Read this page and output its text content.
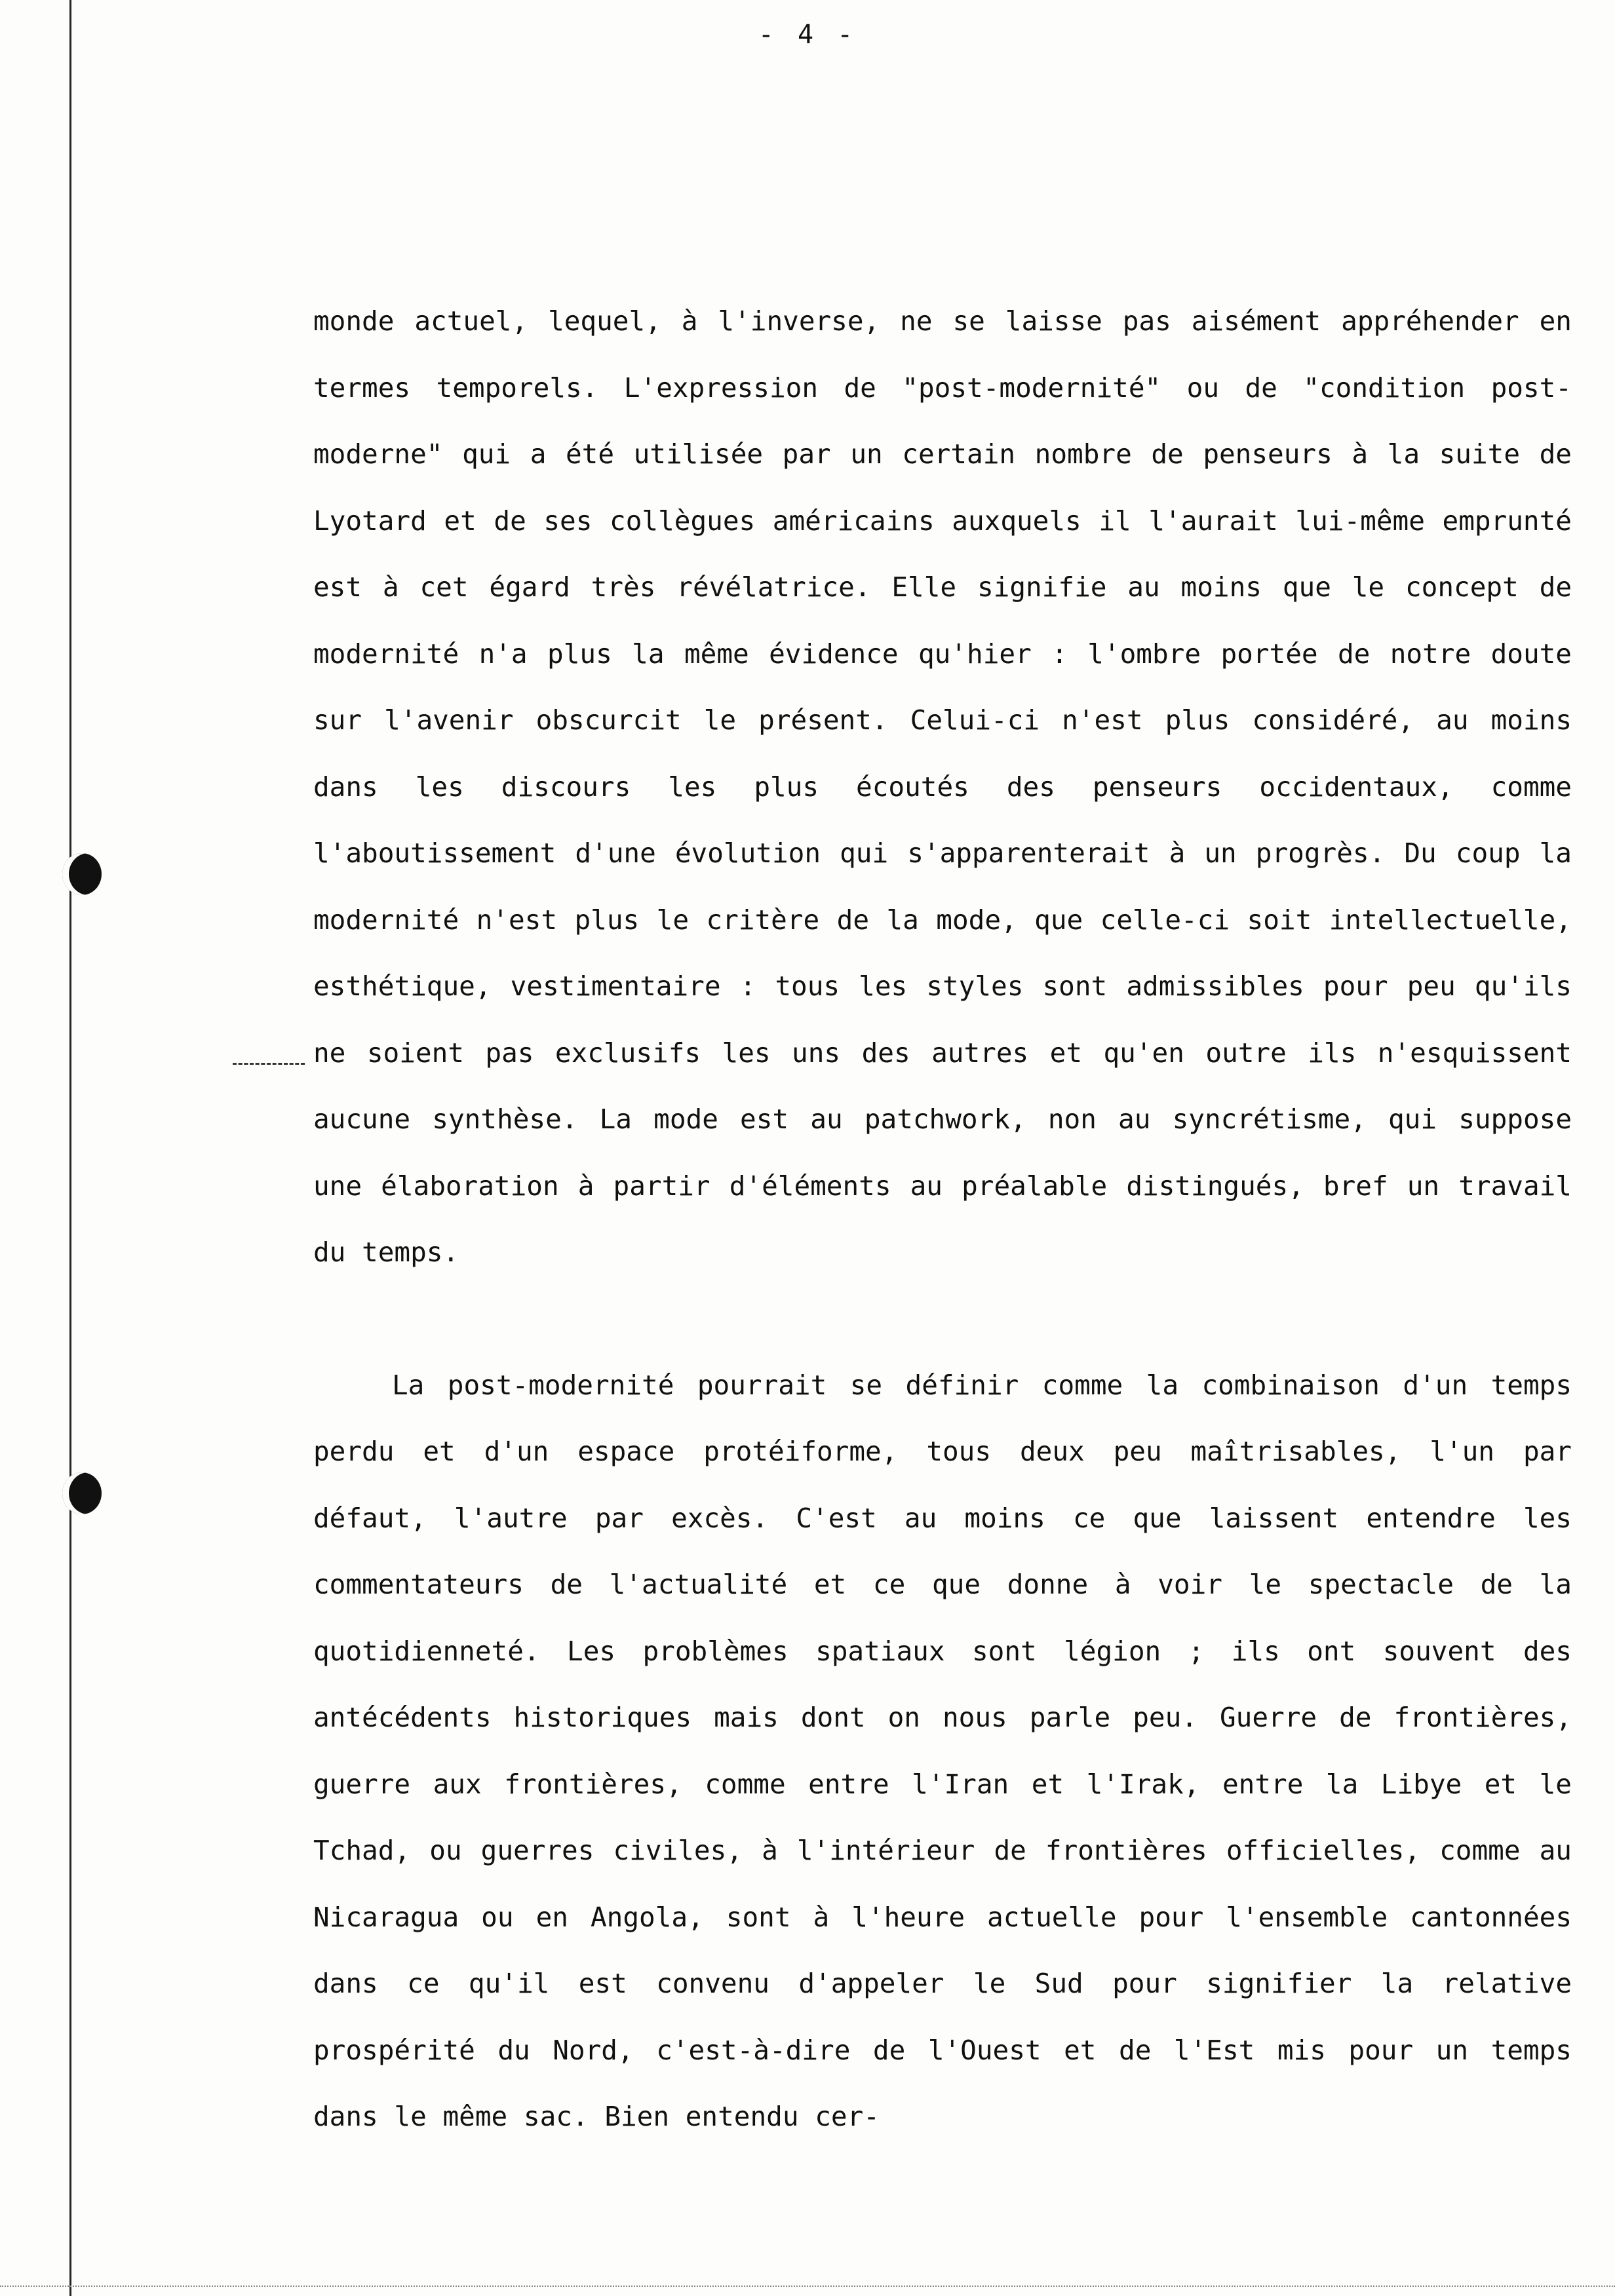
- 4 -

monde actuel, lequel, à l'inverse, ne se laisse pas aisément appréhender en termes temporels. L'expression de "post-modernité" ou de "condition post-moderne" qui a été utilisée par un certain nombre de penseurs à la suite de Lyotard et de ses collègues américains auxquels il l'aurait lui-même emprunté est à cet égard très révélatrice. Elle signifie au moins que le concept de modernité n'a plus la même évidence qu'hier : l'ombre portée de notre doute sur l'avenir obscurcit le présent. Celui-ci n'est plus considéré, au moins dans les discours les plus écoutés des penseurs occidentaux, comme l'aboutissement d'une évolution qui s'apparenterait à un progrès. Du coup la modernité n'est plus le critère de la mode, que celle-ci soit intellectuelle, esthétique, vestimentaire : tous les styles sont admissibles pour peu qu'ils ne soient pas exclusifs les uns des autres et qu'en outre ils n'esquissent aucune synthèse. La mode est au patchwork, non au syncrétisme, qui suppose une élaboration à partir d'éléments au préalable distingués, bref un travail du temps.

La post-modernité pourrait se définir comme la combinaison d'un temps perdu et d'un espace protéiforme, tous deux peu maîtrisables, l'un par défaut, l'autre par excès. C'est au moins ce que laissent entendre les commentateurs de l'actualité et ce que donne à voir le spectacle de la quotidienneté. Les problèmes spatiaux sont légion ; ils ont souvent des antécédents historiques mais dont on nous parle peu. Guerre de frontières, guerre aux frontières, comme entre l'Iran et l'Irak, entre la Libye et le Tchad, ou guerres civiles, à l'intérieur de frontières officielles, comme au Nicaragua ou en Angola, sont à l'heure actuelle pour l'ensemble cantonnées dans ce qu'il est convenu d'appeler le Sud pour signifier la relative prospérité du Nord, c'est-à-dire de l'Ouest et de l'Est mis pour un temps dans le même sac. Bien entendu cer-
